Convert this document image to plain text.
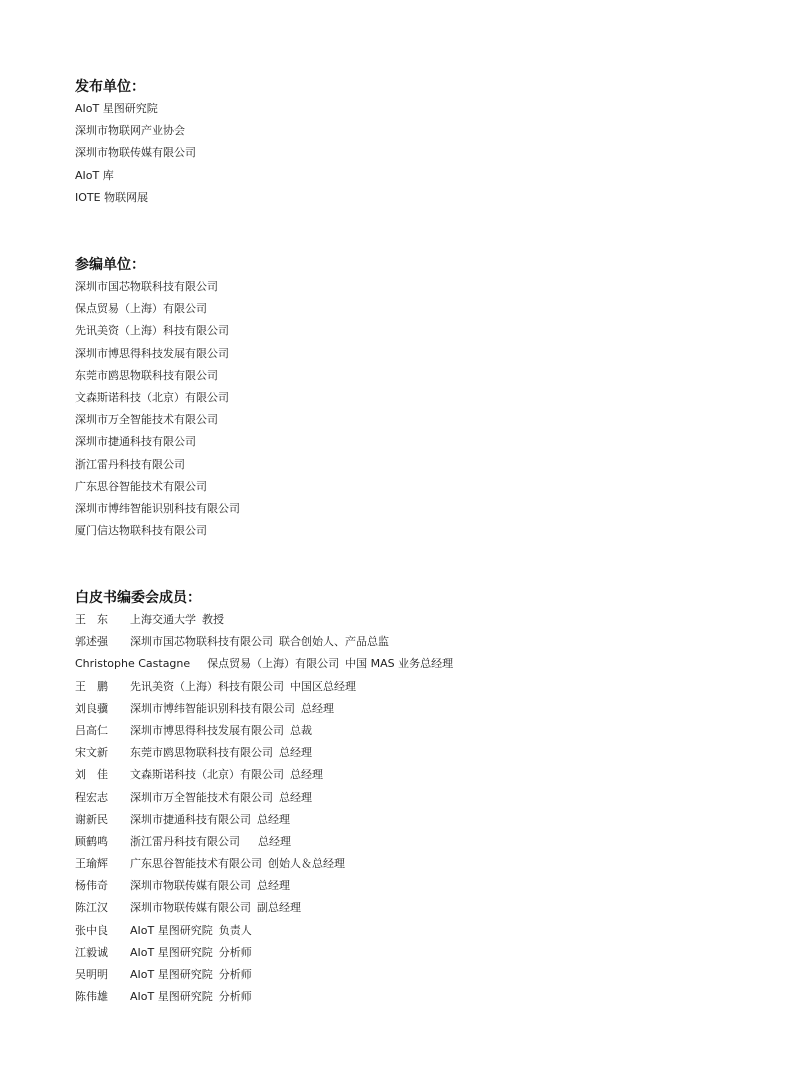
发布单位：
AIoT 星图研究院
深圳市物联网产业协会
深圳市物联传媒有限公司
AIoT 库
IOTE 物联网展
参编单位：
深圳市国芯物联科技有限公司
保点贸易（上海）有限公司
先讯美资（上海）科技有限公司
深圳市博思得科技发展有限公司
东莞市鸥思物联科技有限公司
文森斯诺科技（北京）有限公司
深圳市万全智能技术有限公司
深圳市捷通科技有限公司
浙江雷丹科技有限公司
广东思谷智能技术有限公司
深圳市博纬智能识别科技有限公司
厦门信达物联科技有限公司
白皮书编委会成员：
王　东	上海交通大学 教授
郭述强	深圳市国芯物联科技有限公司 联合创始人、产品总监
Christophe Castagne 保点贸易（上海）有限公司 中国 MAS 业务总经理
王　鹏	先讯美资（上海）科技有限公司 中国区总经理
刘良骥	深圳市博纬智能识别科技有限公司 总经理
吕高仁	深圳市博思得科技发展有限公司 总裁
宋文新	东莞市鸥思物联科技有限公司 总经理
刘　佳	文森斯诺科技（北京）有限公司 总经理
程宏志	深圳市万全智能技术有限公司 总经理
谢新民	深圳市捷通科技有限公司 总经理
顾鹤鸣	浙江雷丹科技有限公司 总经理
王瑜辉	广东思谷智能技术有限公司 创始人＆总经理
杨伟奇	深圳市物联传媒有限公司 总经理
陈江汉	深圳市物联传媒有限公司 副总经理
张中良	AIoT 星图研究院 负责人
江毅诚	AIoT 星图研究院 分析师
吴明明	AIoT 星图研究院 分析师
陈伟雄	AIoT 星图研究院 分析师
